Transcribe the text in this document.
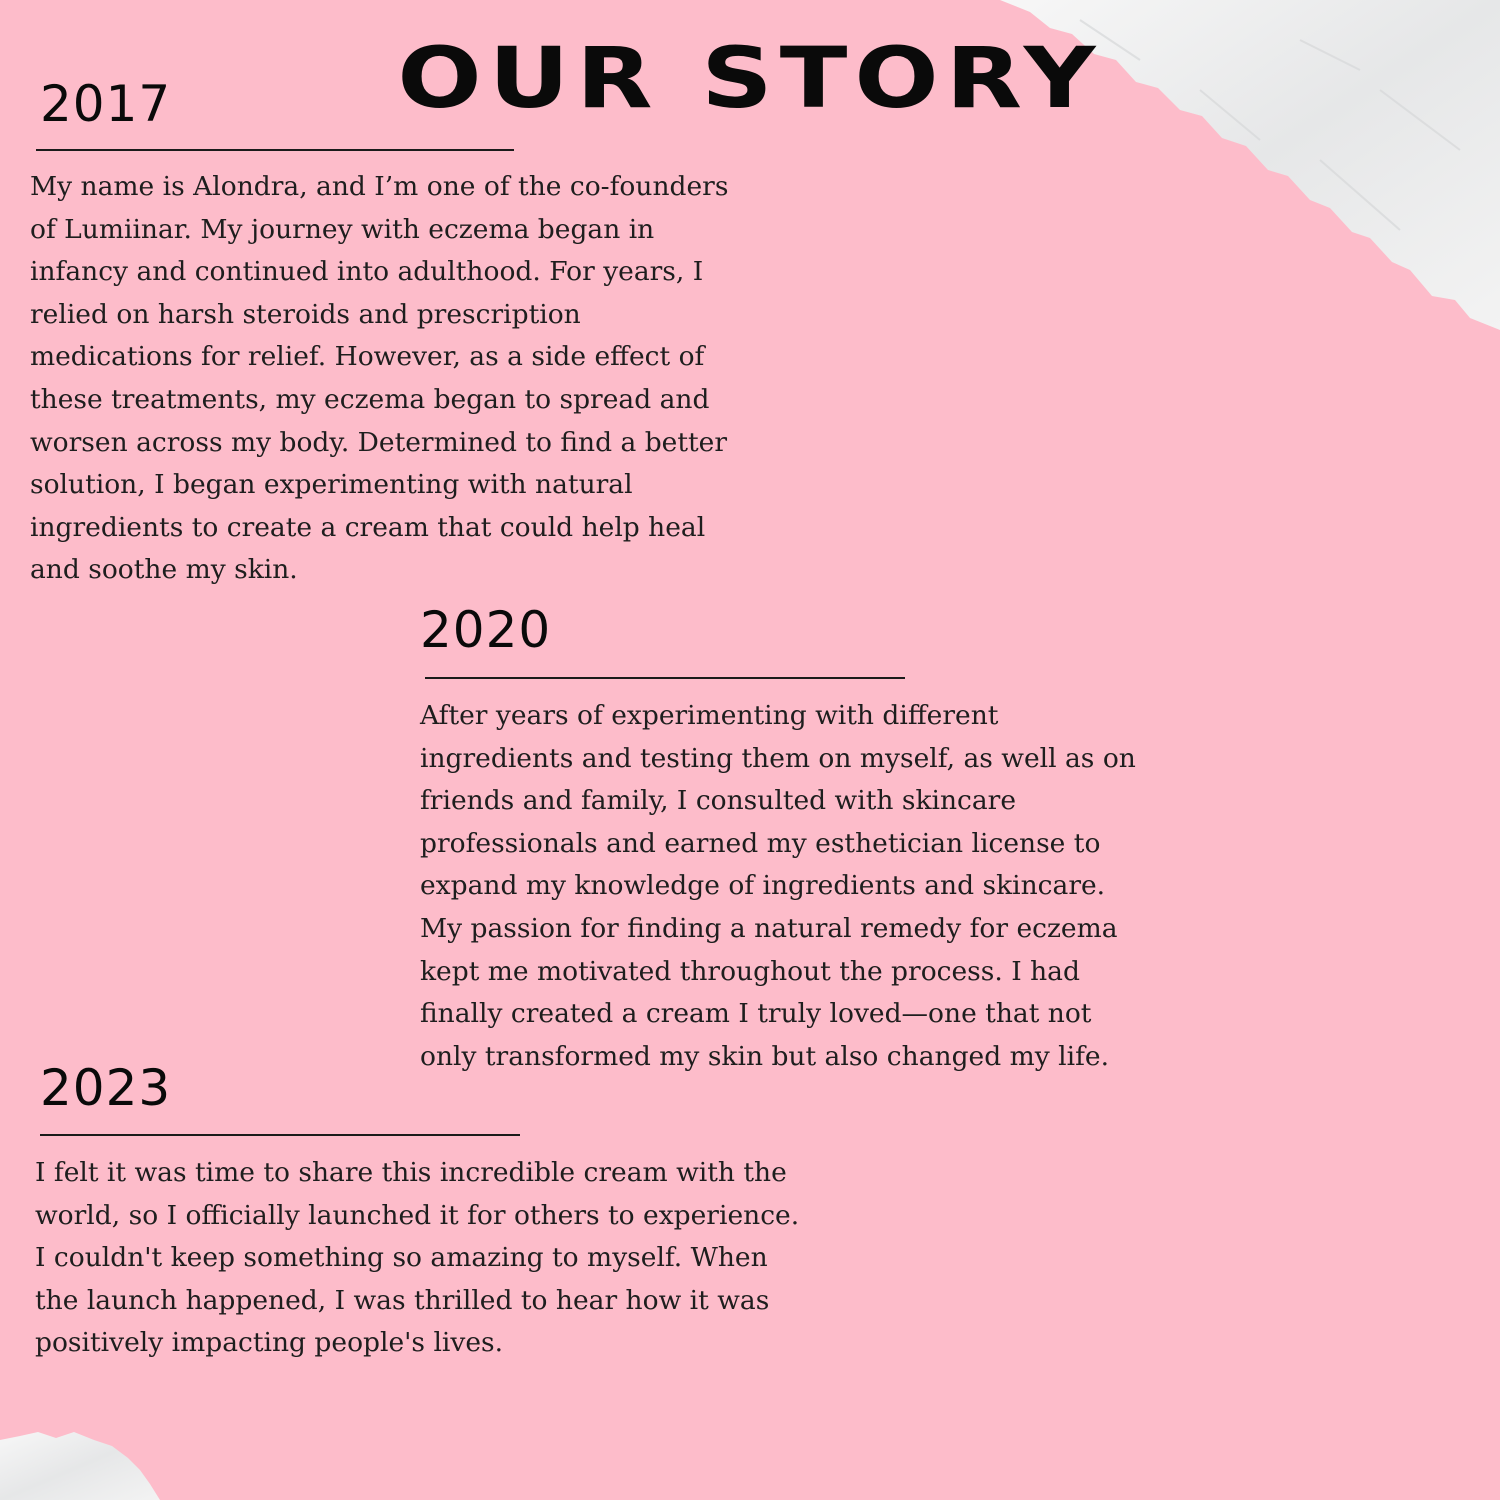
OUR STORY
2017
My name is Alondra, and I’m one of the co-founders
of Lumiinar. My journey with eczema began in
infancy and continued into adulthood. For years, I
relied on harsh steroids and prescription
medications for relief. However, as a side effect of
these treatments, my eczema began to spread and
worsen across my body. Determined to find a better
solution, I began experimenting with natural
ingredients to create a cream that could help heal
and soothe my skin.
2020
After years of experimenting with different
ingredients and testing them on myself, as well as on
friends and family, I consulted with skincare
professionals and earned my esthetician license to
expand my knowledge of ingredients and skincare.
My passion for finding a natural remedy for eczema
kept me motivated throughout the process. I had
finally created a cream I truly loved—one that not
only transformed my skin but also changed my life.
2023
I felt it was time to share this incredible cream with the
world, so I officially launched it for others to experience.
I couldn't keep something so amazing to myself. When
the launch happened, I was thrilled to hear how it was
positively impacting people's lives.
